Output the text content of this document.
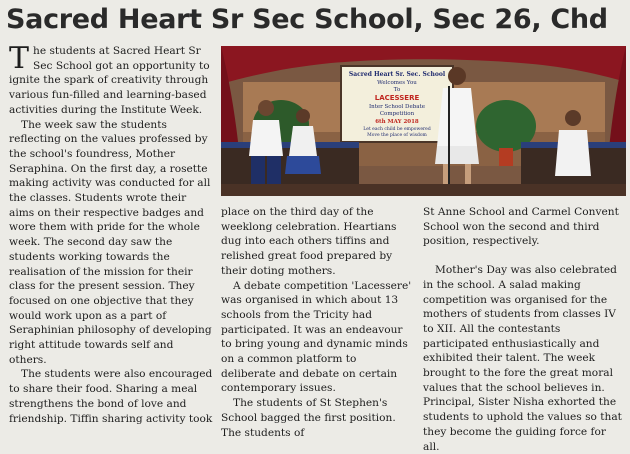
Sacred Heart Sr Sec School, Sec 26, Chd

The students at Sacred Heart Sr Sec School got an opportunity to ignite the spark of creativity through various fun-filled and learning-based activities during the Institute Week.

The week saw the students reflecting on the values professed by the school's foundress, Mother Seraphina. On the first day, a rosette making activity was conducted for all the classes. Students wrote their aims on their respective badges and wore them with pride for the whole week. The second day saw the students working towards the realisation of the mission for their class for the present session. They focused on one objective that they would work upon as a part of Seraphinian philosophy of developing right attitude towards self and others.

The students were also encouraged to share their food. Sharing a meal strengthens the bond of love and friendship. Tiffin sharing activity took

Sacred Heart Sr. Sec. School
Welcomes You
To
LACESSERE
Inter School Debate
Competition
6th MAY 2018
Let each child be empowered
Move the place of wisdom

place on the third day of the weeklong celebration. Heartians dug into each others tiffins and relished great food prepared by their doting mothers.

A debate competition 'Lacessere' was organised in which about 13 schools from the Tricity had participated. It was an endeavour to bring young and dynamic minds on a common platform to deliberate and debate on certain contemporary issues.

The students of St Stephen's School bagged the first position. The students of

St Anne School and Carmel Convent School won the second and third position, respectively.

Mother's Day was also celebrated in the school. A salad making competition was organised for the mothers of students from classes IV to XII. All the contestants participated enthusiastically and exhibited their talent. The week brought to the fore the great moral values that the school believes in. Principal, Sister Nisha exhorted the students to uphold the values so that they become the guiding force for all.
